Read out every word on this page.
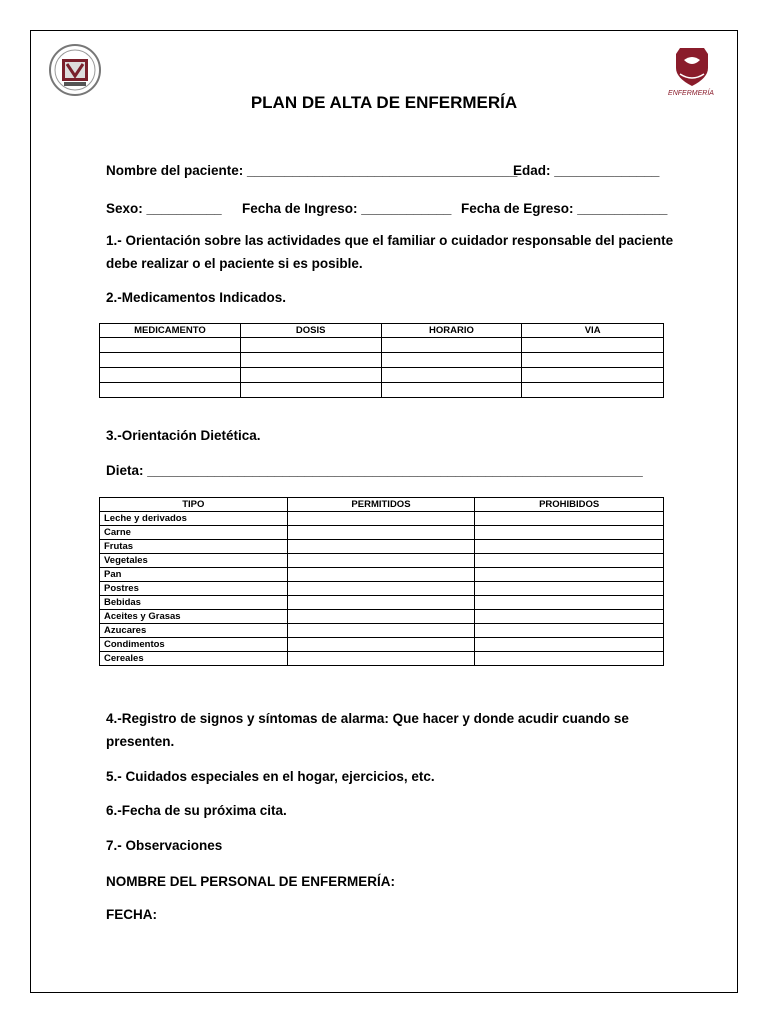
ENFERMERÍA
PLAN DE ALTA DE ENFERMERÍA
Nombre del paciente: ____________________________________
Edad: ______________
Sexo: __________ Fecha de Ingreso: ____________ Fecha de Egreso: ____________
1.- Orientación sobre las actividades que el familiar o cuidador responsable del paciente
debe realizar o el paciente si es posible.
2.-Medicamentos Indicados.
MEDICAMENTO	DOSIS	HORARIO	VIA

3.-Orientación Dietética.
Dieta: __________________________________________________________________
TIPO	PERMITIDOS	PROHIBIDOS
Leche y derivados		
Carne		
Frutas		
Vegetales		
Pan		
Postres		
Bebidas		
Aceites y Grasas		
Azucares		
Condimentos		
Cereales		
4.-Registro de signos y síntomas de alarma: Que hacer y donde acudir cuando se
presenten.
5.- Cuidados especiales en el hogar, ejercicios, etc.
6.-Fecha de su próxima cita.
7.- Observaciones
NOMBRE DEL PERSONAL DE ENFERMERÍA:
FECHA:
